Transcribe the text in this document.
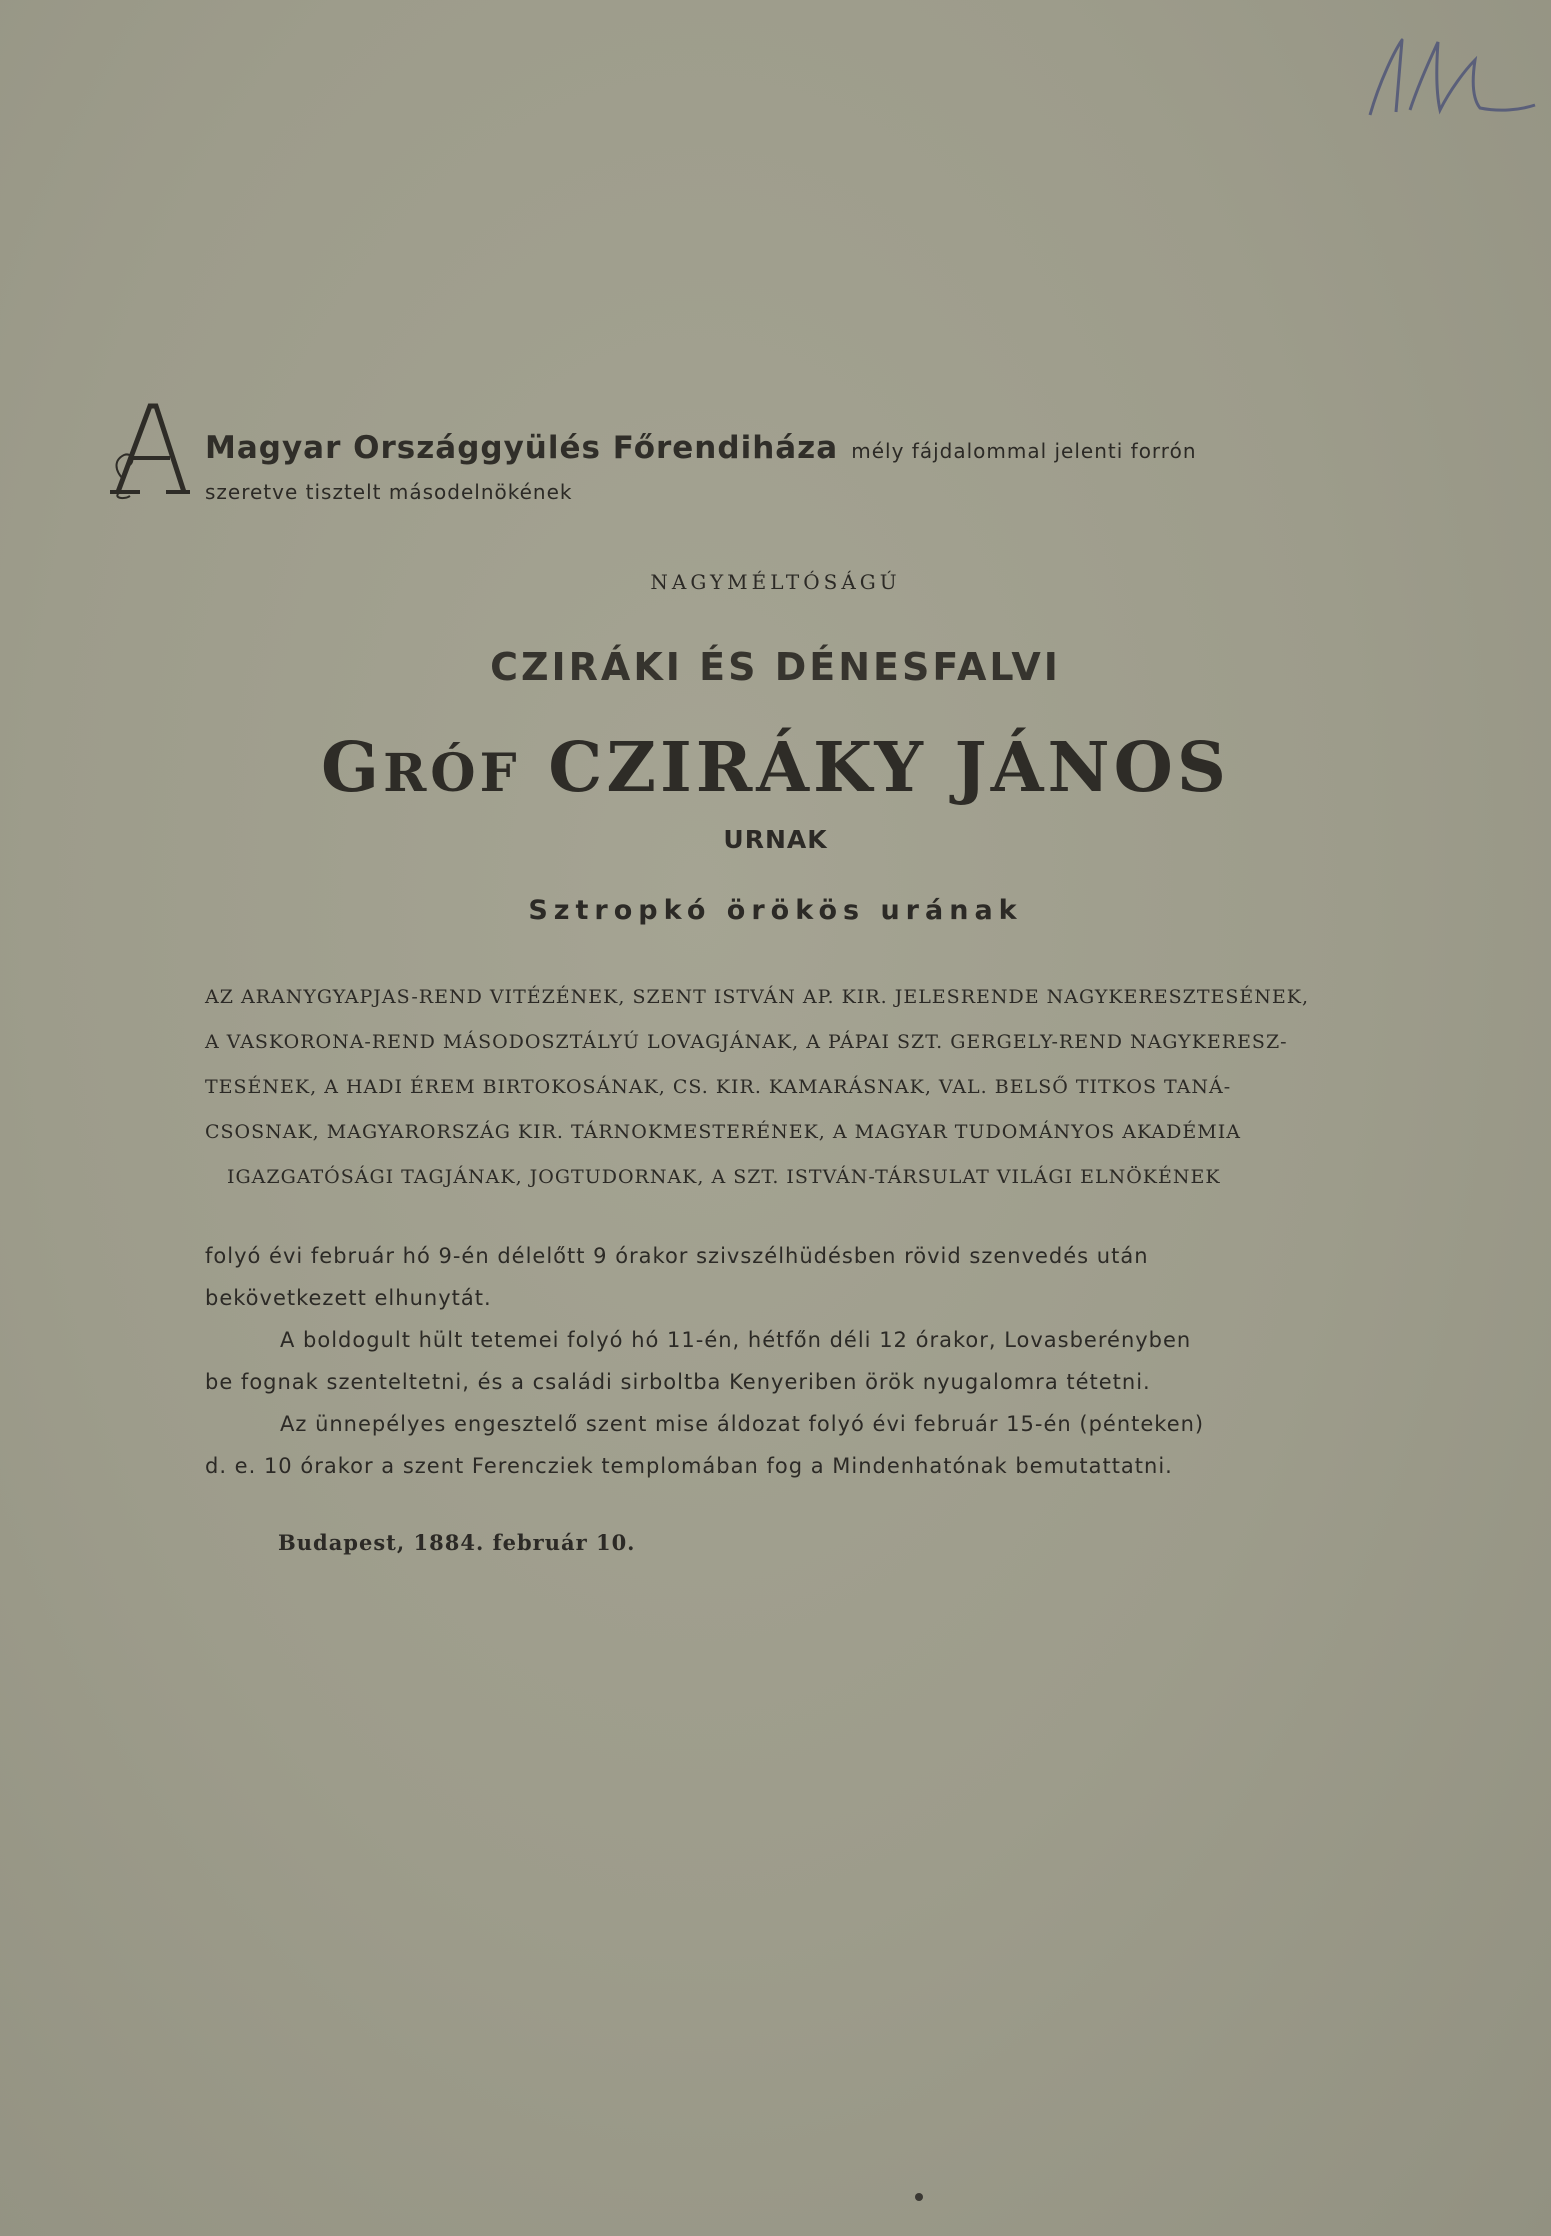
A Magyar Országgyülés Főrendiháza mély fájdalommal jelenti forrón
szeretve tisztelt másodelnökének
NAGYMÉLTÓSÁGÚ
CZIRÁKI ÉS DÉNESFALVI
GRÓF CZIRÁKY JÁNOS
URNAK
Sztropkó örökös urának
AZ ARANYGYAPJAS-REND VITÉZÉNEK, SZENT ISTVÁN AP. KIR. JELESRENDE NAGYKERESZTESÉNEK,
A VASKORONA-REND MÁSODOSZTÁLYÚ LOVAGJÁNAK, A PÁPAI SZT. GERGELY-REND NAGYKERESZ-
TESÉNEK, A HADI ÉREM BIRTOKOSÁNAK, CS. KIR. KAMARÁSNAK, VAL. BELSŐ TITKOS TANÁ-
CSOSNAK, MAGYARORSZÁG KIR. TÁRNOKMESTERÉNEK, A MAGYAR TUDOMÁNYOS AKADÉMIA
IGAZGATÓSÁGI TAGJÁNAK, JOGTUDORNAK, A SZT. ISTVÁN-TÁRSULAT VILÁGI ELNÖKÉNEK

folyó évi február hó 9-én délelőtt 9 órakor szivszélhüdésben rövid szenvedés után

bekövetkezett elhunytát.

A boldogult hült tetemei folyó hó 11-én, hétfőn déli 12 órakor, Lovasberényben

be fognak szenteltetni, és a családi sirboltba Kenyeriben örök nyugalomra tétetni.

Az ünnepélyes engesztelő szent mise áldozat folyó évi február 15-én (pénteken)

d. e. 10 órakor a szent Ferencziek templomában fog a Mindenhatónak bemutattatni.

Budapest, 1884. február 10.
